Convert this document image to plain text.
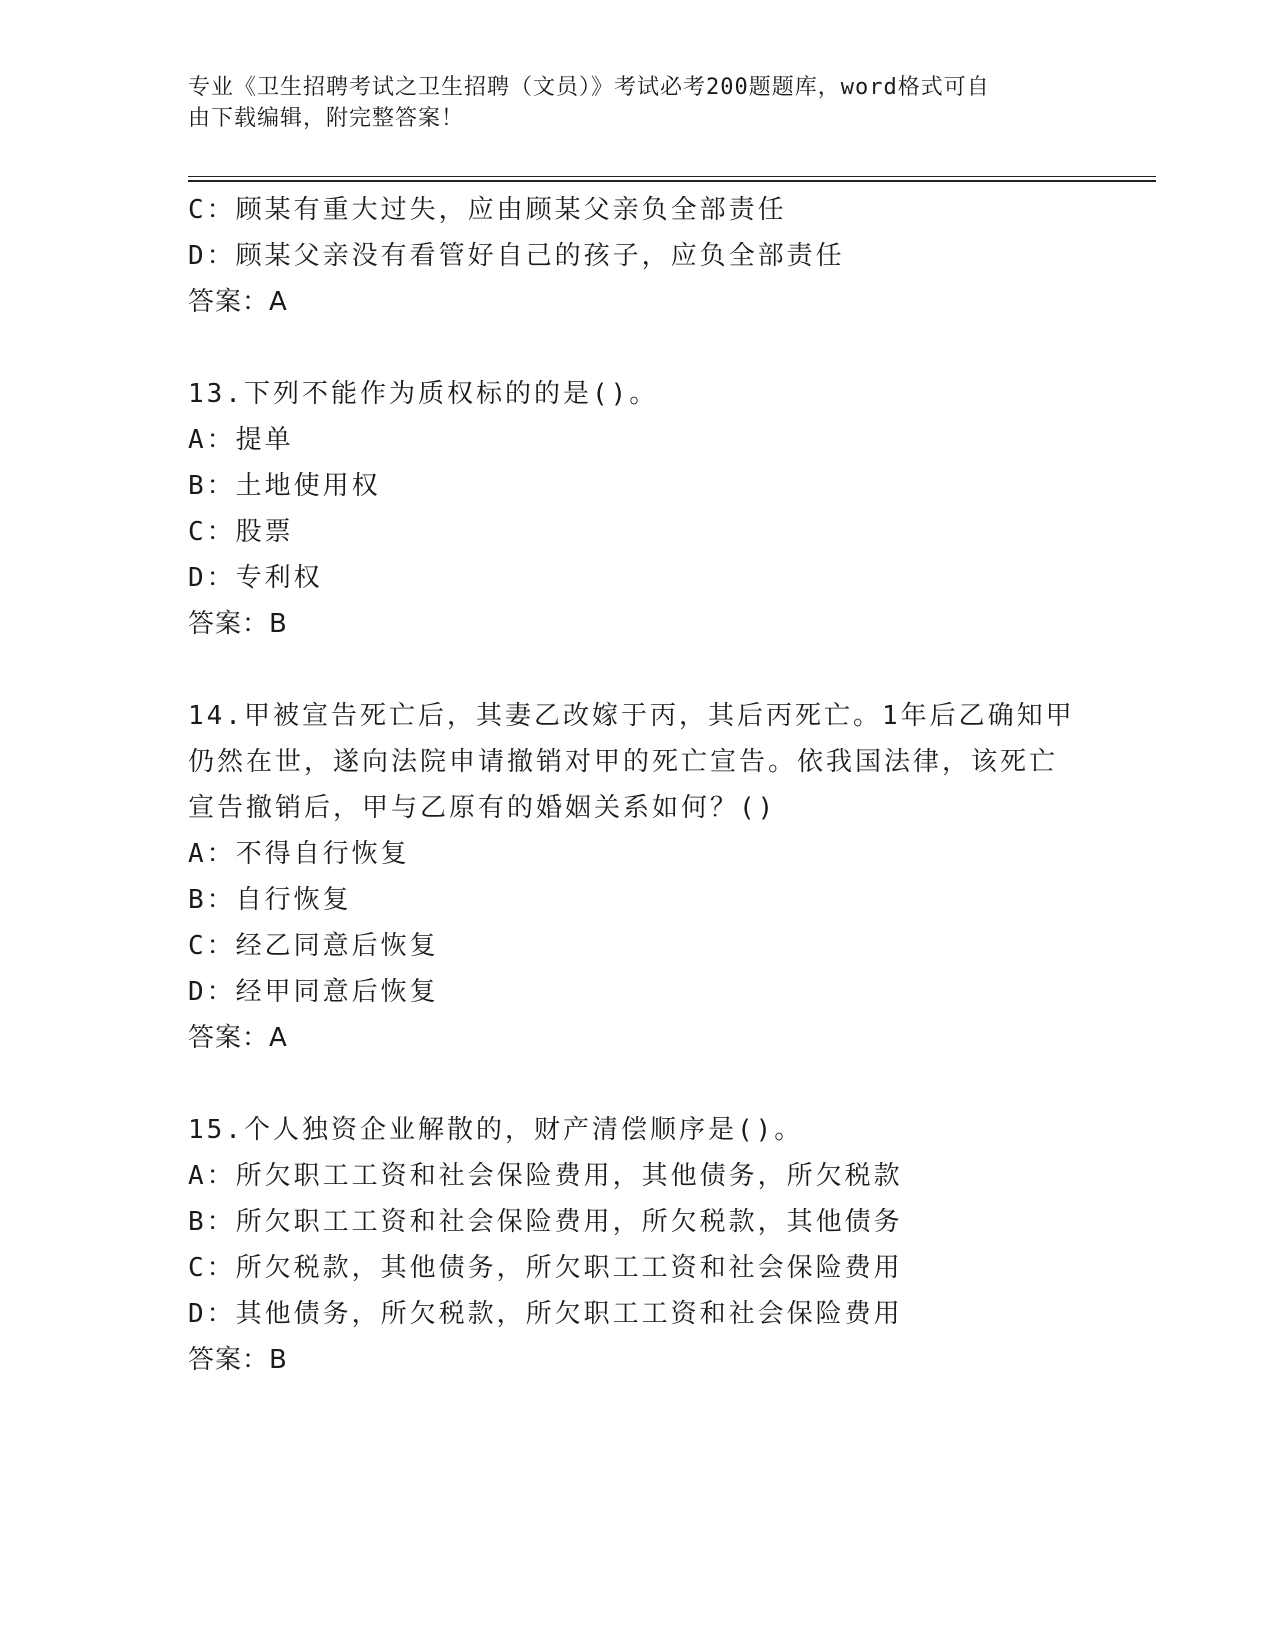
专业《卫生招聘考试之卫生招聘（文员）》考试必考200题题库，word格式可自
由下载编辑，附完整答案！
C：顾某有重大过失，应由顾某父亲负全部责任
D：顾某父亲没有看管好自己的孩子，应负全部责任
答案：A
13.下列不能作为质权标的的是()。
A：提单
B：土地使用权
C：股票
D：专利权
答案：B
14.甲被宣告死亡后，其妻乙改嫁于丙，其后丙死亡。1年后乙确知甲
仍然在世，遂向法院申请撤销对甲的死亡宣告。依我国法律，该死亡
宣告撤销后，甲与乙原有的婚姻关系如何？()
A：不得自行恢复
B：自行恢复
C：经乙同意后恢复
D：经甲同意后恢复
答案：A
15.个人独资企业解散的，财产清偿顺序是()。
A：所欠职工工资和社会保险费用，其他债务，所欠税款
B：所欠职工工资和社会保险费用，所欠税款，其他债务
C：所欠税款，其他债务，所欠职工工资和社会保险费用
D：其他债务，所欠税款，所欠职工工资和社会保险费用
答案：B
